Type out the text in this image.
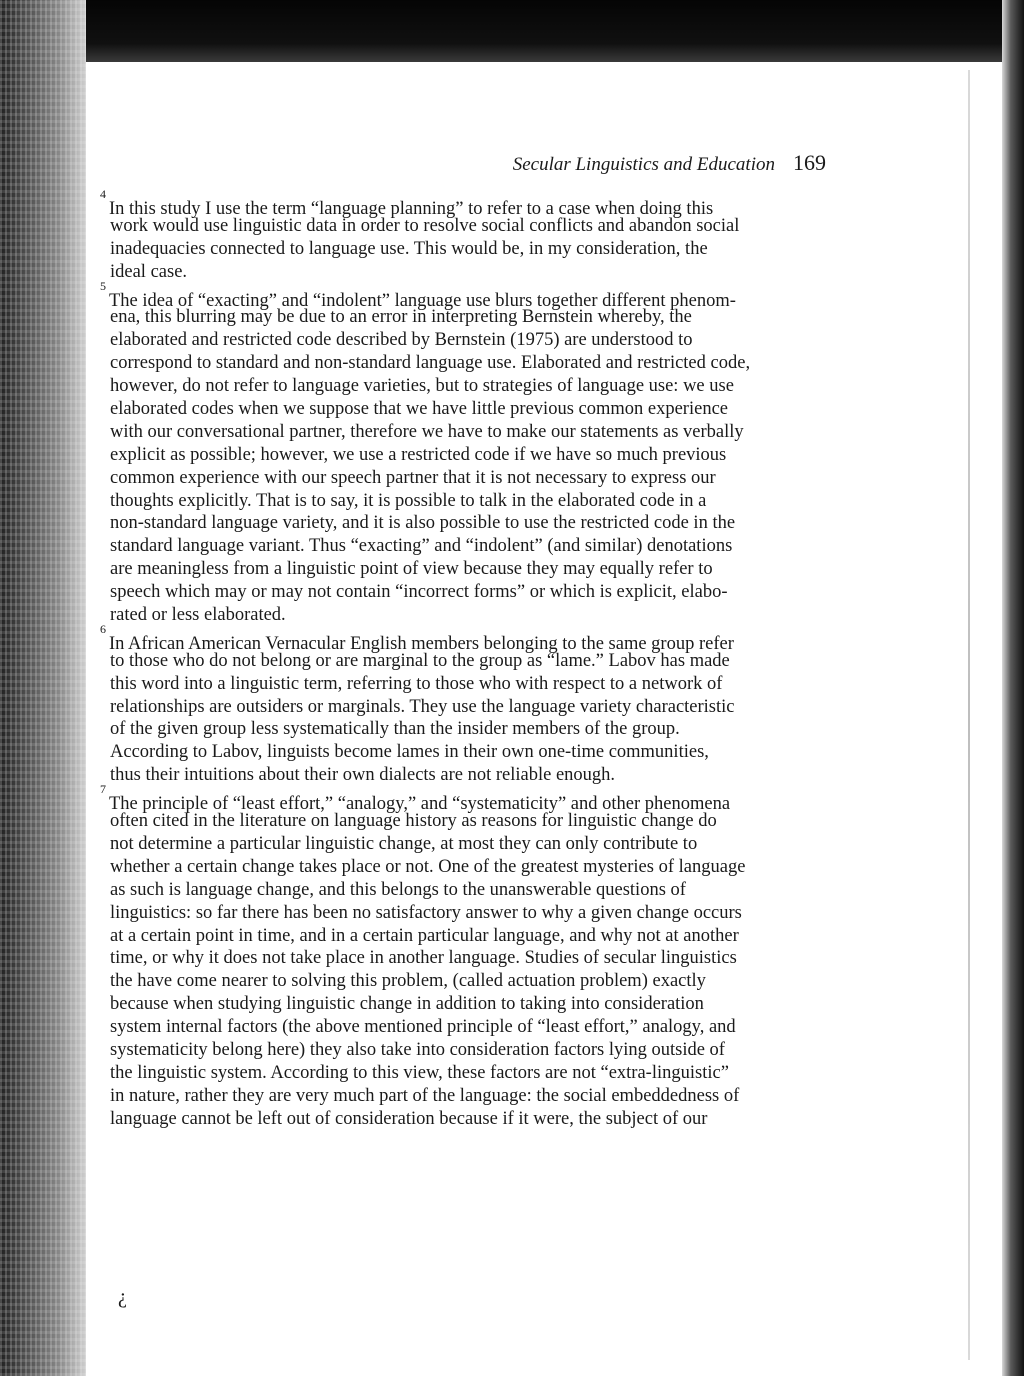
Secular Linguistics and Education 169
$^4$In this study I use the term “language planning” to refer to a case when doing this
work would use linguistic data in order to resolve social conflicts and abandon social
inadequacies connected to language use. This would be, in my consideration, the
ideal case.
$^5$The idea of “exacting” and “indolent” language use blurs together different phenom-
ena, this blurring may be due to an error in interpreting Bernstein whereby, the
elaborated and restricted code described by Bernstein (1975) are understood to
correspond to standard and non-standard language use. Elaborated and restricted code,
however, do not refer to language varieties, but to strategies of language use: we use
elaborated codes when we suppose that we have little previous common experience
with our conversational partner, therefore we have to make our statements as verbally
explicit as possible; however, we use a restricted code if we have so much previous
common experience with our speech partner that it is not necessary to express our
thoughts explicitly. That is to say, it is possible to talk in the elaborated code in a
non-standard language variety, and it is also possible to use the restricted code in the
standard language variant. Thus “exacting” and “indolent” (and similar) denotations
are meaningless from a linguistic point of view because they may equally refer to
speech which may or may not contain “incorrect forms” or which is explicit, elabo-
rated or less elaborated.
$^6$In African American Vernacular English members belonging to the same group refer
to those who do not belong or are marginal to the group as “lame.” Labov has made
this word into a linguistic term, referring to those who with respect to a network of
relationships are outsiders or marginals. They use the language variety characteristic
of the given group less systematically than the insider members of the group.
According to Labov, linguists become lames in their own one-time communities,
thus their intuitions about their own dialects are not reliable enough.
$^7$The principle of “least effort,” “analogy,” and “systematicity” and other phenomena
often cited in the literature on language history as reasons for linguistic change do
not determine a particular linguistic change, at most they can only contribute to
whether a certain change takes place or not. One of the greatest mysteries of language
as such is language change, and this belongs to the unanswerable questions of
linguistics: so far there has been no satisfactory answer to why a given change occurs
at a certain point in time, and in a certain particular language, and why not at another
time, or why it does not take place in another language. Studies of secular linguistics
the have come nearer to solving this problem, (called actuation problem) exactly
because when studying linguistic change in addition to taking into consideration
system internal factors (the above mentioned principle of “least effort,” analogy, and
systematicity belong here) they also take into consideration factors lying outside of
the linguistic system. According to this view, these factors are not “extra-linguistic”
in nature, rather they are very much part of the language: the social embeddedness of
language cannot be left out of consideration because if it were, the subject of our
¿
